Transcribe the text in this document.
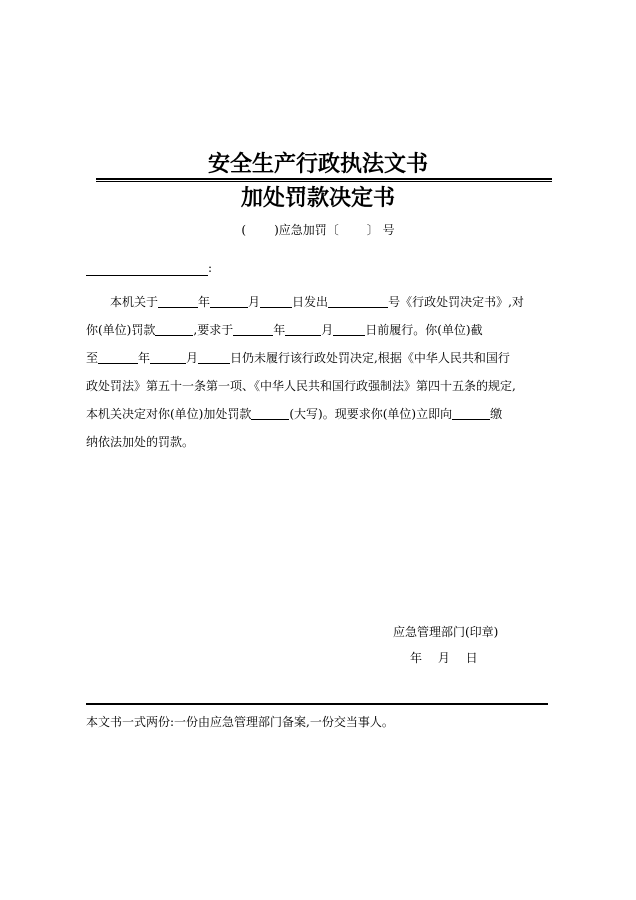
安全生产行政执法文书
加处罚款决定书
( )应急加罚〔 〕 号
:
  本机关于	年	月	日发出	号《行政处罚决定书》,对
你(单位)罚款	,要求于	年	月	日前履行。你(单位)截
至	年	月	日仍未履行该行政处罚决定,根据《中华人民共和国行
政处罚法》第五十一条第一项、《中华人民共和国行政强制法》第四十五条的规定,
本机关决定对你(单位)加处罚款	(大写)。现要求你(单位)立即向	缴
纳依法加处的罚款。
应急管理部门(印章)
年 月 日
本文书一式两份:一份由应急管理部门备案,一份交当事人。
